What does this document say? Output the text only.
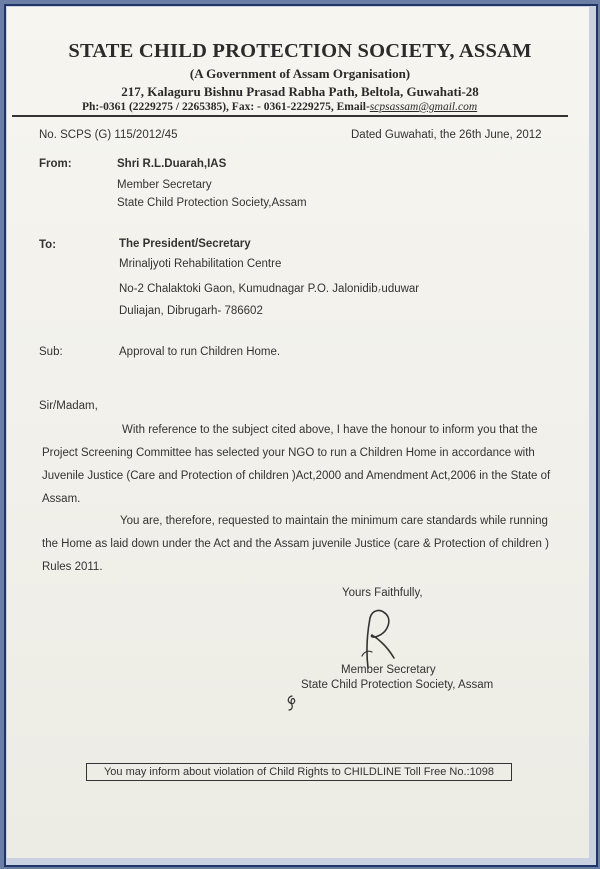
STATE CHILD PROTECTION SOCIETY, ASSAM
(A Government of Assam Organisation)
217, Kalaguru Bishnu Prasad Rabha Path, Beltola, Guwahati-28
Ph:-0361 (2229275 / 2265385), Fax: - 0361-2229275, Email-scpsassam@gmail.com
No. SCPS (G) 115/2012/45	Dated Guwahati, the 26th June, 2012
From:	Shri R.L.Duarah,IAS
Member Secretary
State Child Protection Society,Assam
To:	The President/Secretary
Mrinaljyoti Rehabilitation Centre
No-2 Chalaktoki Gaon, Kumudnagar P.O. Jalonidibᵣuduwar
Duliajan, Dibrugarh- 786602
Sub:	Approval to run Children Home.
Sir/Madam,
With reference to the subject cited above, I have the honour to inform you that the Project Screening Committee has selected your NGO to run a Children Home in accordance with Juvenile Justice (Care and Protection of children )Act,2000 and Amendment Act,2006 in the State of Assam.
You are, therefore, requested to maintain the minimum care standards while running the Home as laid down under the Act and the Assam juvenile Justice (care & Protection of children ) Rules 2011.
Yours Faithfully,
Member Secretary
State Child Protection Society, Assam
You may inform about violation of Child Rights to CHILDLINE Toll Free No.:1098
